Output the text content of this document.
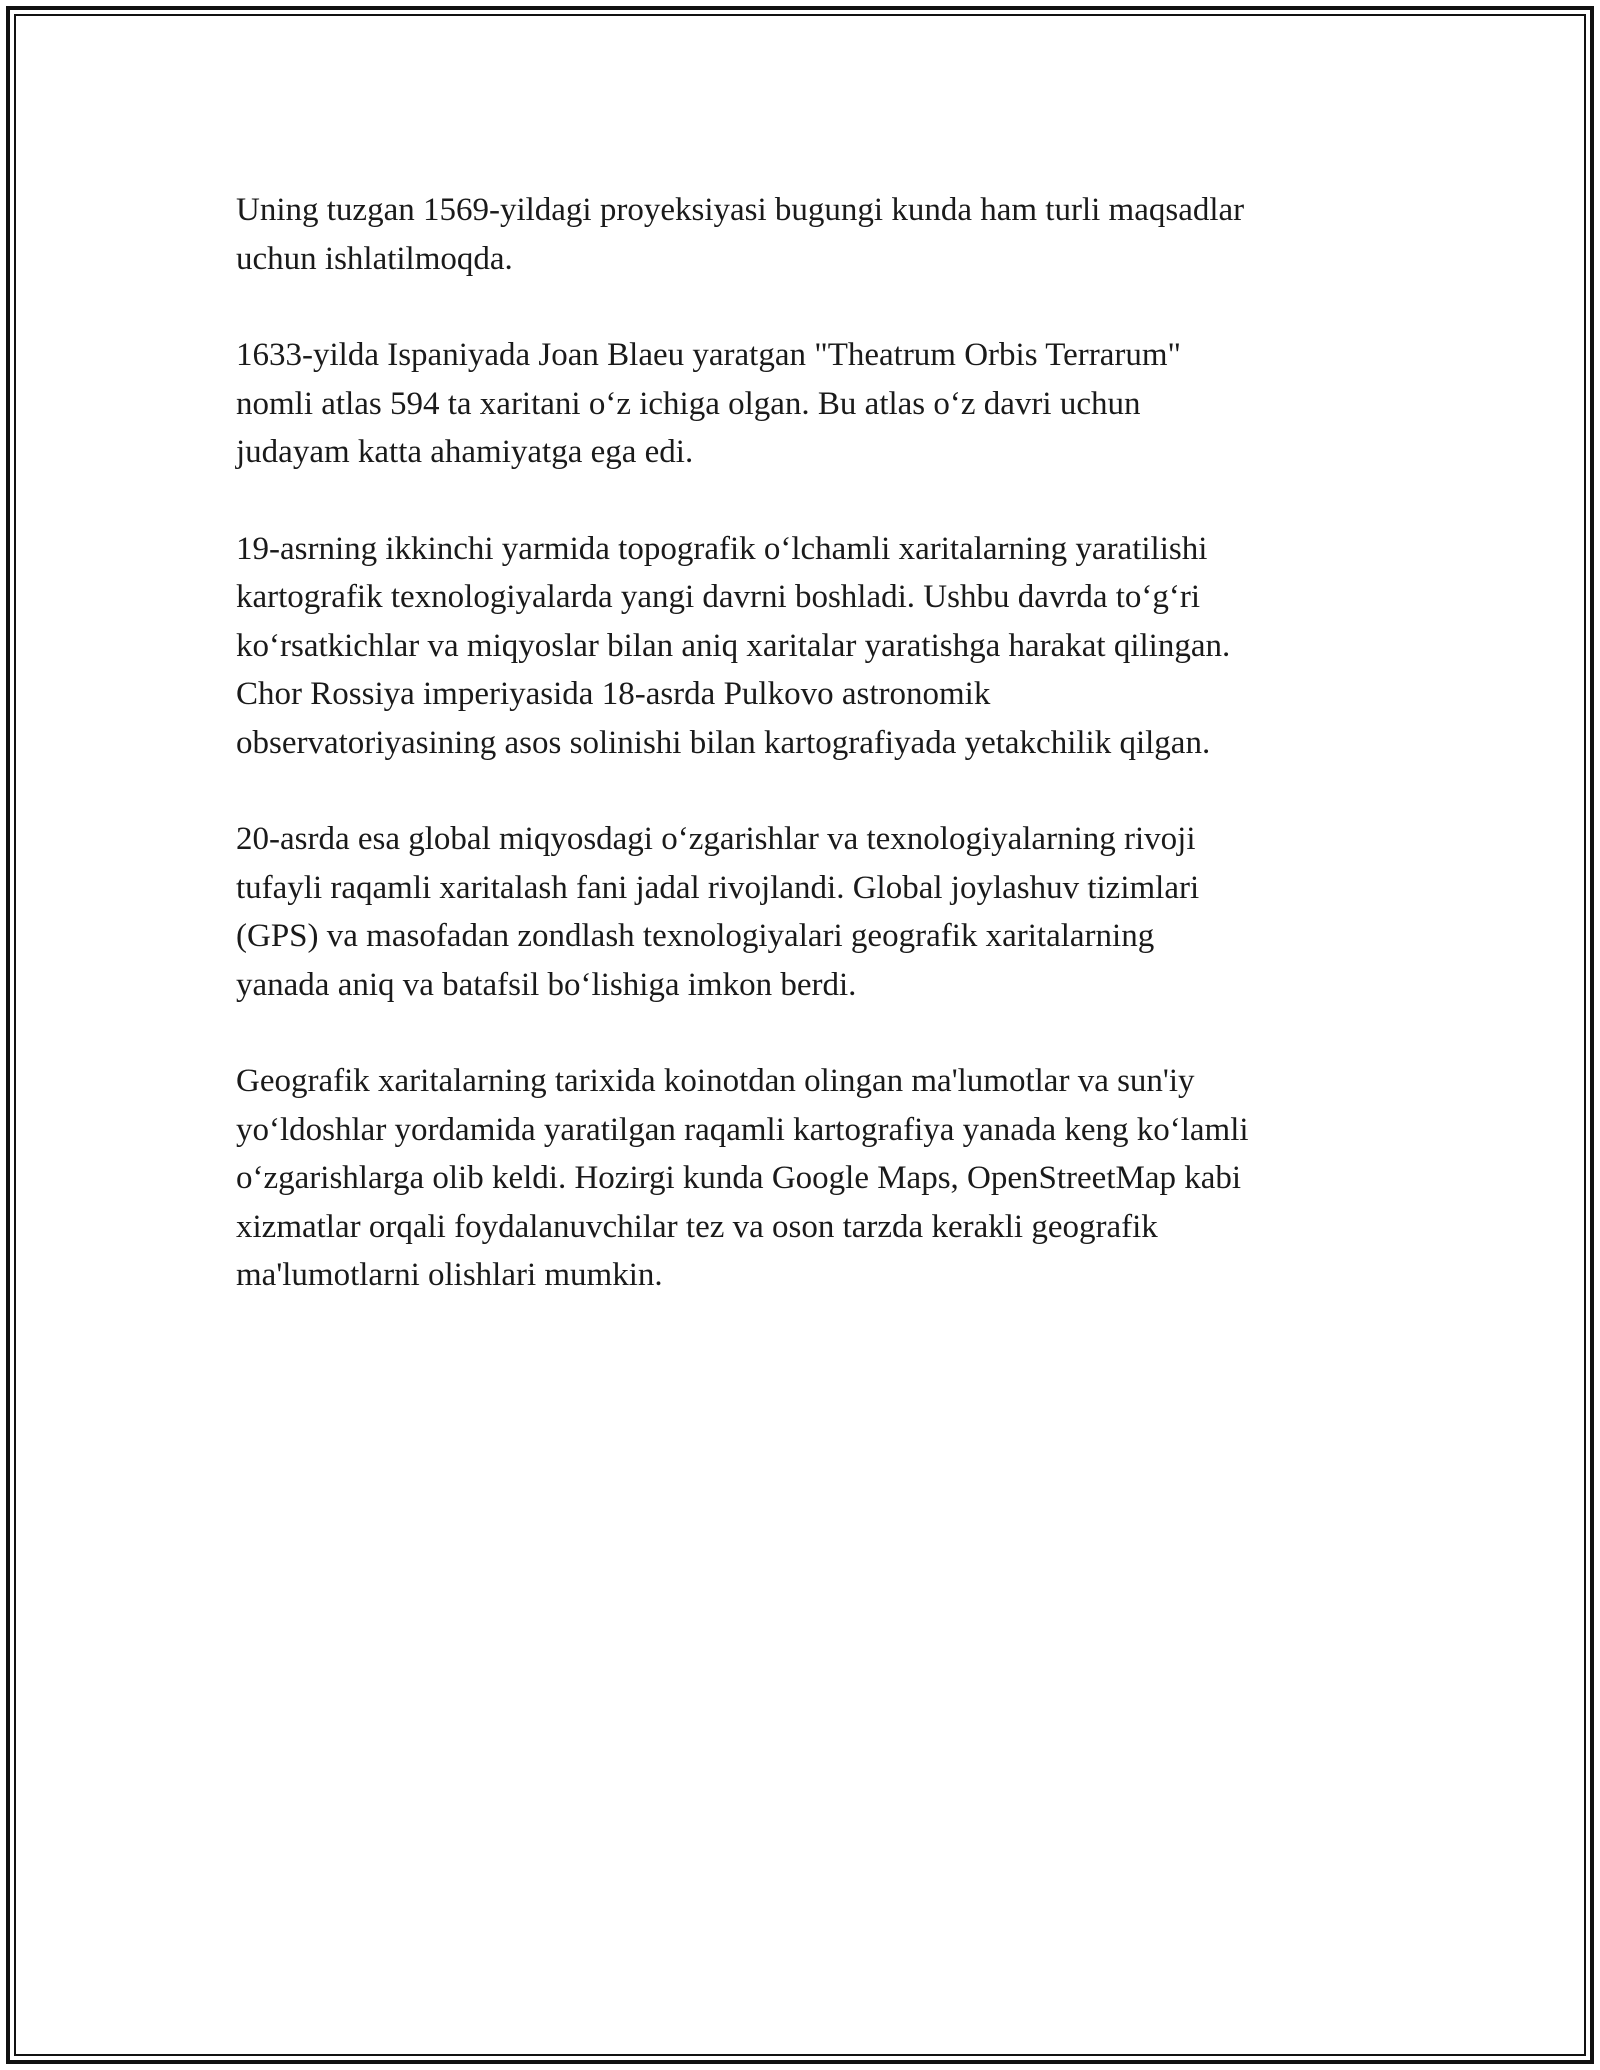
Uning tuzgan 1569-yildagi proyeksiyasi bugungi kunda ham turli maqsadlar
uchun ishlatilmoqda.

1633-yilda Ispaniyada Joan Blaeu yaratgan "Theatrum Orbis Terrarum"
nomli atlas 594 ta xaritani o‘z ichiga olgan. Bu atlas o‘z davri uchun
judayam katta ahamiyatga ega edi.

19-asrning ikkinchi yarmida topografik o‘lchamli xaritalarning yaratilishi
kartografik texnologiyalarda yangi davrni boshladi. Ushbu davrda to‘g‘ri
ko‘rsatkichlar va miqyoslar bilan aniq xaritalar yaratishga harakat qilingan.
Chor Rossiya imperiyasida 18-asrda Pulkovo astronomik
observatoriyasining asos solinishi bilan kartografiyada yetakchilik qilgan.

20-asrda esa global miqyosdagi o‘zgarishlar va texnologiyalarning rivoji
tufayli raqamli xaritalash fani jadal rivojlandi. Global joylashuv tizimlari
(GPS) va masofadan zondlash texnologiyalari geografik xaritalarning
yanada aniq va batafsil bo‘lishiga imkon berdi.

Geografik xaritalarning tarixida koinotdan olingan ma'lumotlar va sun'iy
yo‘ldoshlar yordamida yaratilgan raqamli kartografiya yanada keng ko‘lamli
o‘zgarishlarga olib keldi. Hozirgi kunda Google Maps, OpenStreetMap kabi
xizmatlar orqali foydalanuvchilar tez va oson tarzda kerakli geografik
ma'lumotlarni olishlari mumkin.
